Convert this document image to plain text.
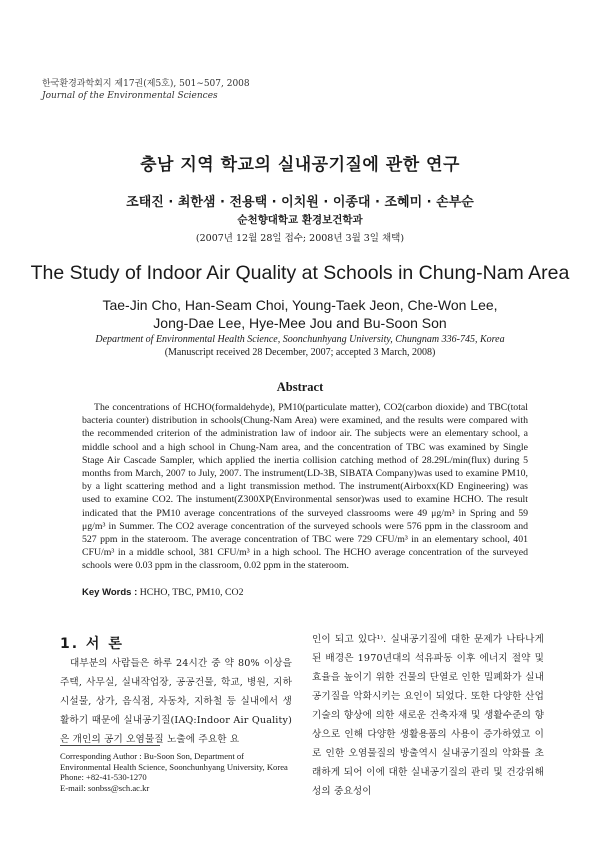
한국환경과학회지 제17권(제5호), 501∼507, 2008
Journal of the Environmental Sciences
충남 지역 학교의 실내공기질에 관한 연구
조태진 · 최한샘 · 전용택 · 이치원 · 이종대 · 조혜미 · 손부순
순천향대학교 환경보건학과
(2007년 12월 28일 접수; 2008년 3월 3일 채택)
The Study of Indoor Air Quality at Schools in Chung-Nam Area
Tae-Jin Cho, Han-Seam Choi, Young-Taek Jeon, Che-Won Lee,
Jong-Dae Lee, Hye-Mee Jou and Bu-Soon Son
Department of Environmental Health Science, Soonchunhyang University, Chungnam 336-745, Korea
(Manuscript received 28 December, 2007; accepted 3 March, 2008)
Abstract
The concentrations of HCHO(formaldehyde), PM10(particulate matter), CO2(carbon dioxide) and TBC(total bacteria counter) distribution in schools(Chung-Nam Area) were examined, and the results were compared with the recommended criterion of the administration law of indoor air. The subjects were an elementary school, a middle school and a high school in Chung-Nam area, and the concentration of TBC was examined by Single Stage Air Cascade Sampler, which applied the inertia collision catching method of 28.29L/min(flux) during 5 months from March, 2007 to July, 2007. The instrument(LD-3B, SIBATA Company)was used to examine PM10, by a light scattering method and a light transmission method. The instrument(Airboxx(KD Engineering) was used to examine CO2. The instument(Z300XP(Environmental sensor)was used to examine HCHO. The result indicated that the PM10 average concentrations of the surveyed classrooms were 49 μg/m³ in Spring and 59 μg/m³ in Summer. The CO2 average concentration of the surveyed schools were 576 ppm in the classroom and 527 ppm in the stateroom. The average concentration of TBC were 729 CFU/m³ in an elementary school, 401 CFU/m³ in a middle school, 381 CFU/m³ in a high school. The HCHO average concentration of the surveyed schools were 0.03 ppm in the classroom, 0.02 ppm in the stateroom.
Key Words : HCHO, TBC, PM10, CO2
1. 서 론
대부분의 사람들은 하루 24시간 중 약 80% 이상을 주택, 사무실, 실내작업장, 공공건물, 학교, 병원, 지하시설물, 상가, 음식점, 자동차, 지하철 등 실내에서 생활하기 때문에 실내공기질(IAQ:Indoor Air Quality)은 개인의 공기 오염물질 노출에 주요한 요
인이 되고 있다¹⁾. 실내공기질에 대한 문제가 나타나게 된 배경은 1970년대의 석유파동 이후 에너지 절약 및 효율을 높이기 위한 건물의 단열로 인한 밀폐화가 실내 공기질을 악화시키는 요인이 되었다. 또한 다양한 산업기술의 향상에 의한 새로운 건축자재 및 생활수준의 향상으로 인해 다양한 생활용품의 사용이 증가하였고 이로 인한 오염물질의 방출역시 실내공기질의 악화를 초래하게 되어 이에 대한 실내공기질의 관리 및 건강위해성의 중요성이
Corresponding Author : Bu-Soon Son, Department of Environmental Health Science, Soonchunhyang University, Korea
Phone: +82-41-530-1270
E-mail: sonbss@sch.ac.kr
